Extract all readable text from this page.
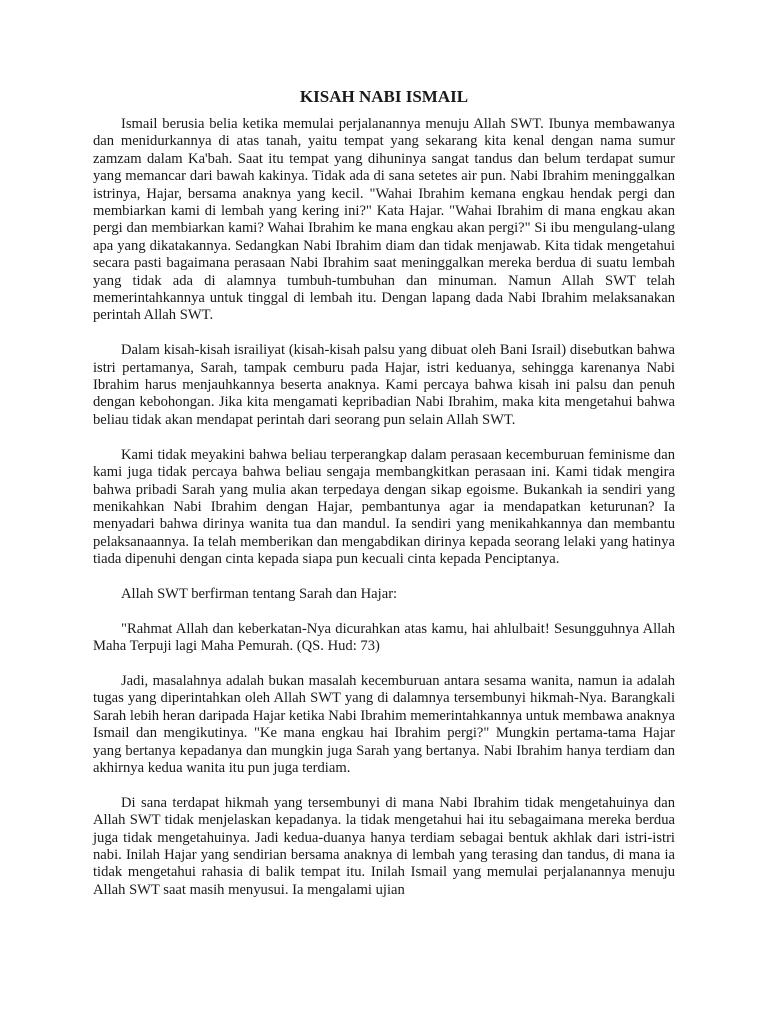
KISAH NABI ISMAIL

Ismail berusia belia ketika memulai perjalanannya menuju Allah SWT. Ibunya membawanya dan menidurkannya di atas tanah, yaitu tempat yang sekarang kita kenal dengan nama sumur zamzam dalam Ka'bah. Saat itu tempat yang dihuninya sangat tandus dan belum terdapat sumur yang memancar dari bawah kakinya. Tidak ada di sana setetes air pun. Nabi Ibrahim meninggalkan istrinya, Hajar, bersama anaknya yang kecil. "Wahai Ibrahim kemana engkau hendak pergi dan membiarkan kami di lembah yang kering ini?" Kata Hajar. "Wahai Ibrahim di mana engkau akan pergi dan membiarkan kami? Wahai Ibrahim ke mana engkau akan pergi?" Si ibu mengulang-ulang apa yang dikatakannya. Sedangkan Nabi Ibrahim diam dan tidak menjawab. Kita tidak mengetahui secara pasti bagaimana perasaan Nabi Ibrahim saat meninggalkan mereka berdua di suatu lembah yang tidak ada di alamnya tumbuh-tumbuhan dan minuman. Namun Allah SWT telah memerintahkannya untuk tinggal di lembah itu. Dengan lapang dada Nabi Ibrahim melaksanakan perintah Allah SWT.

Dalam kisah-kisah israiliyat (kisah-kisah palsu yang dibuat oleh Bani Israil) disebutkan bahwa istri pertamanya, Sarah, tampak cemburu pada Hajar, istri keduanya, sehingga karenanya Nabi Ibrahim harus menjauhkannya beserta anaknya. Kami percaya bahwa kisah ini palsu dan penuh dengan kebohongan. Jika kita mengamati kepribadian Nabi Ibrahim, maka kita mengetahui bahwa beliau tidak akan mendapat perintah dari seorang pun selain Allah SWT.

Kami tidak meyakini bahwa beliau terperangkap dalam perasaan kecemburuan feminisme dan kami juga tidak percaya bahwa beliau sengaja membangkitkan perasaan ini. Kami tidak mengira bahwa pribadi Sarah yang mulia akan terpedaya dengan sikap egoisme. Bukankah ia sendiri yang menikahkan Nabi Ibrahim dengan Hajar, pembantunya agar ia mendapatkan keturunan? Ia menyadari bahwa dirinya wanita tua dan mandul. Ia sendiri yang menikahkannya dan membantu pelaksanaannya. Ia telah memberikan dan mengabdikan dirinya kepada seorang lelaki yang hatinya tiada dipenuhi dengan cinta kepada siapa pun kecuali cinta kepada Penciptanya.

Allah SWT berfirman tentang Sarah dan Hajar:

"Rahmat Allah dan keberkatan-Nya dicurahkan atas kamu, hai ahlulbait! Sesungguhnya Allah Maha Terpuji lagi Maha Pemurah. (QS. Hud: 73)

Jadi, masalahnya adalah bukan masalah kecemburuan antara sesama wanita, namun ia adalah tugas yang diperintahkan oleh Allah SWT yang di dalamnya tersembunyi hikmah-Nya. Barangkali Sarah lebih heran daripada Hajar ketika Nabi Ibrahim memerintahkannya untuk membawa anaknya Ismail dan mengikutinya. "Ke mana engkau hai Ibrahim pergi?" Mungkin pertama-tama Hajar yang bertanya kepadanya dan mungkin juga Sarah yang bertanya. Nabi Ibrahim hanya terdiam dan akhirnya kedua wanita itu pun juga terdiam.

Di sana terdapat hikmah yang tersembunyi di mana Nabi Ibrahim tidak mengetahuinya dan Allah SWT tidak menjelaskan kepadanya. la tidak mengetahui hai itu sebagaimana mereka berdua juga tidak mengetahuinya. Jadi kedua-duanya hanya terdiam sebagai bentuk akhlak dari istri-istri nabi. Inilah Hajar yang sendirian bersama anaknya di lembah yang terasing dan tandus, di mana ia tidak mengetahui rahasia di balik tempat itu. Inilah Ismail yang memulai perjalanannya menuju Allah SWT saat masih menyusui. Ia mengalami ujian
